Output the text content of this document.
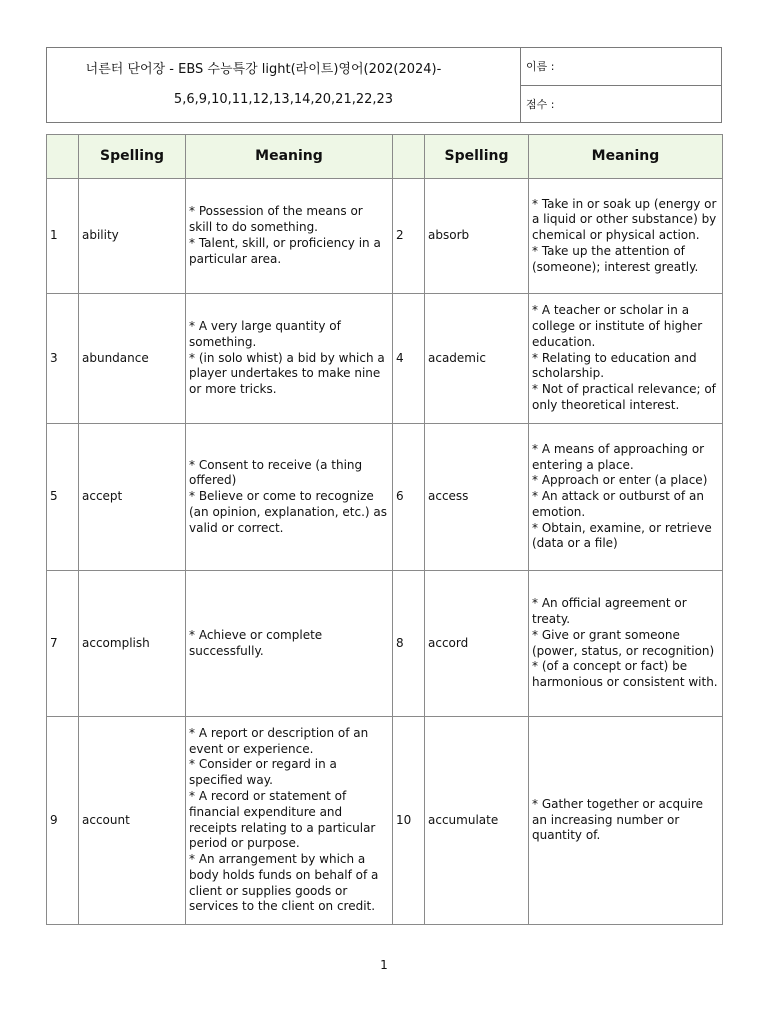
너른터 단어장 - EBS 수능특강 light(라이트)영어(202(2024)-
5,6,9,10,11,12,13,14,20,21,22,23
이름 :
점수 :
	Spelling	Meaning		Spelling	Meaning
1	ability	* Possession of the means or skill to do something.
* Talent, skill, or proficiency in a particular area.	2	absorb	* Take in or soak up (energy or a liquid or other substance) by chemical or physical action.
* Take up the attention of (someone); interest greatly.

3	abundance	* A very large quantity of something.
* (in solo whist) a bid by which a player undertakes to make nine or more tricks.	4	academic	* A teacher or scholar in a college or institute of higher education.
* Relating to education and scholarship.
* Not of practical relevance; of only theoretical interest.

5	accept	* Consent to receive (a thing offered)
* Believe or come to recognize (an opinion, explanation, etc.) as valid or correct.	6	access	* A means of approaching or entering a place.
* Approach or enter (a place)
* An attack or outburst of an emotion.
* Obtain, examine, or retrieve (data or a file)

7	accomplish	* Achieve or complete successfully.	8	accord	* An official agreement or treaty.
* Give or grant someone (power, status, or recognition)
* (of a concept or fact) be harmonious or consistent with.

9	account	* A report or description of an event or experience.
* Consider or regard in a specified way.
* A record or statement of financial expenditure and receipts relating to a particular period or purpose.
* An arrangement by which a body holds funds on behalf of a client or supplies goods or services to the client on credit.	10	accumulate	* Gather together or acquire an increasing number or quantity of.
1
